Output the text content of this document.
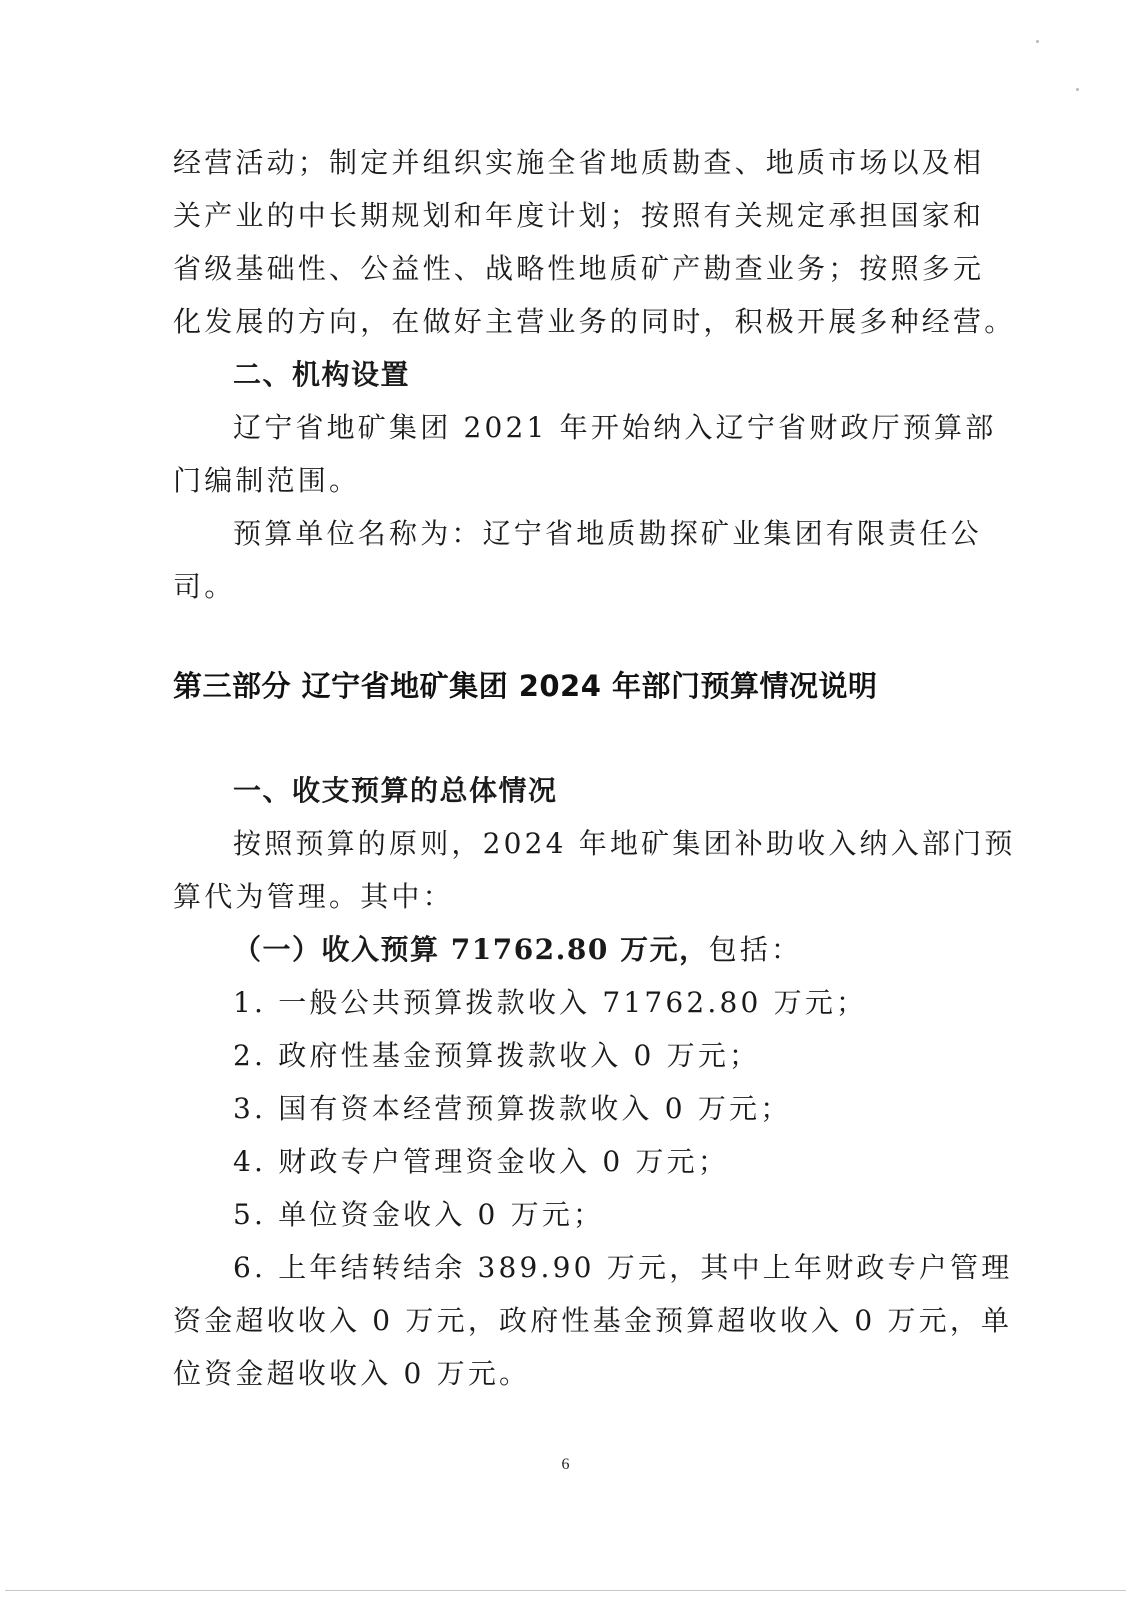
经营活动；制定并组织实施全省地质勘查、地质市场以及相
关产业的中长期规划和年度计划；按照有关规定承担国家和
省级基础性、公益性、战略性地质矿产勘查业务；按照多元
化发展的方向，在做好主营业务的同时，积极开展多种经营。
二、机构设置
辽宁省地矿集团 2021 年开始纳入辽宁省财政厅预算部
门编制范围。
预算单位名称为：辽宁省地质勘探矿业集团有限责任公
司。
第三部分 辽宁省地矿集团 2024 年部门预算情况说明
一、收支预算的总体情况
按照预算的原则，2024 年地矿集团补助收入纳入部门预
算代为管理。其中：
（一）收入预算 71762.80 万元，包括：
1. 一般公共预算拨款收入 71762.80 万元；
2. 政府性基金预算拨款收入 0 万元；
3. 国有资本经营预算拨款收入 0 万元；
4. 财政专户管理资金收入 0 万元；
5. 单位资金收入 0 万元；
6. 上年结转结余 389.90 万元，其中上年财政专户管理
资金超收收入 0 万元，政府性基金预算超收收入 0 万元，单
位资金超收收入 0 万元。
6
